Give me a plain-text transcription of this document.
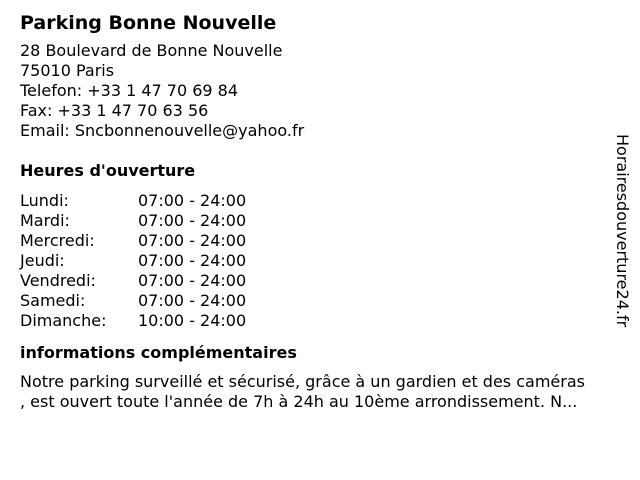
Parking Bonne Nouvelle
28 Boulevard de Bonne Nouvelle
75010 Paris
Telefon: +33 1 47 70 69 84
Fax: +33 1 47 70 63 56
Email: Sncbonnenouvelle@yahoo.fr
Heures d'ouverture
Lundi:	07:00 - 24:00
Mardi:	07:00 - 24:00
Mercredi:	07:00 - 24:00
Jeudi:	07:00 - 24:00
Vendredi:	07:00 - 24:00
Samedi:	07:00 - 24:00
Dimanche:	10:00 - 24:00
informations complémentaires
Notre parking surveillé et sécurisé, grâce à un gardien et des caméras
, est ouvert toute l'année de 7h à 24h au 10ème arrondissement. N...
Horairesdouverture24.fr
